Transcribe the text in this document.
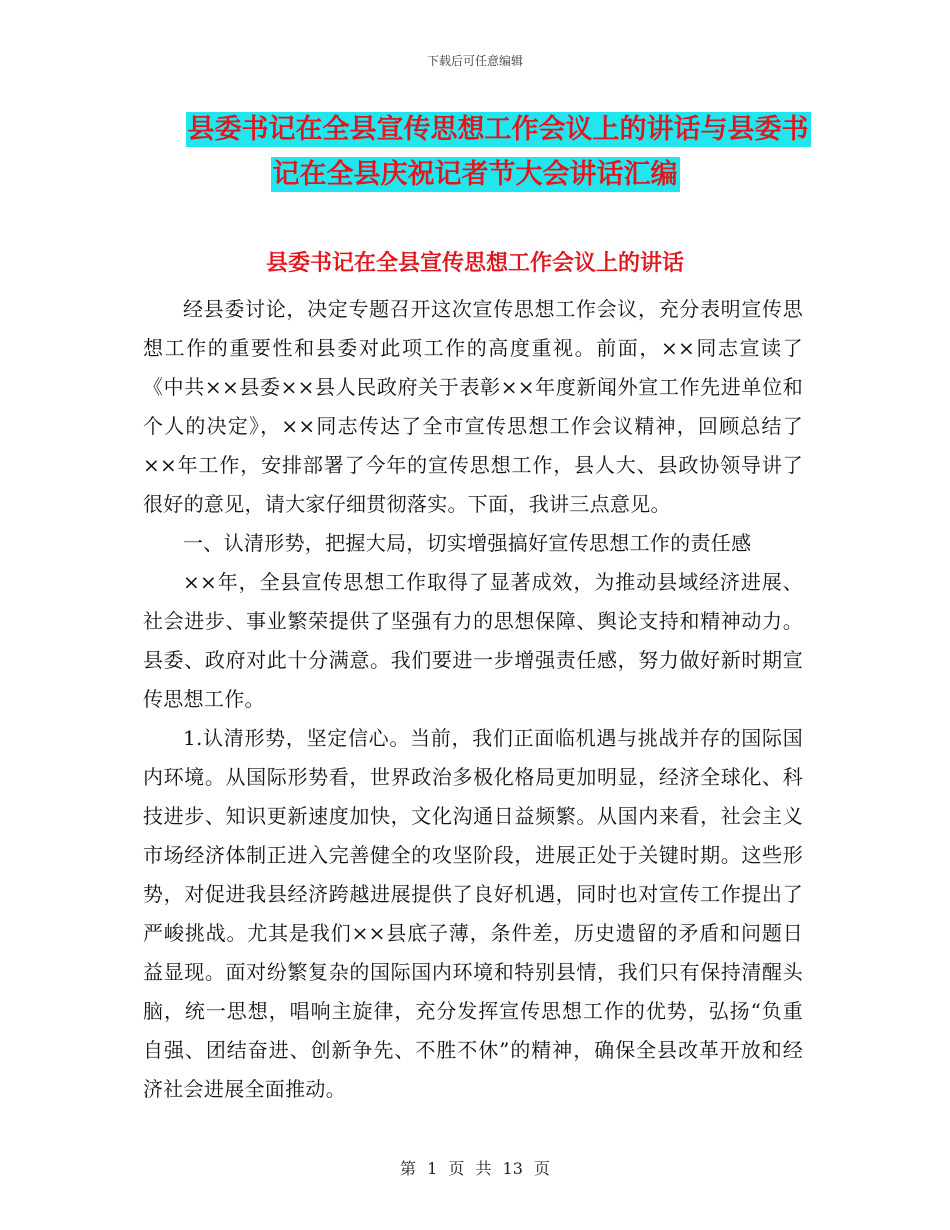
下载后可任意编辑
县委书记在全县宣传思想工作会议上的讲话与县委书
记在全县庆祝记者节大会讲话汇编
县委书记在全县宣传思想工作会议上的讲话

经县委讨论，决定专题召开这次宣传思想工作会议，充分表明宣传思想工作的重要性和县委对此项工作的高度重视。前面，××同志宣读了《中共××县委××县人民政府关于表彰××年度新闻外宣工作先进单位和个人的决定》，××同志传达了全市宣传思想工作会议精神，回顾总结了××年工作，安排部署了今年的宣传思想工作，县人大、县政协领导讲了很好的意见，请大家仔细贯彻落实。下面，我讲三点意见。

一、认清形势，把握大局，切实增强搞好宣传思想工作的责任感

××年，全县宣传思想工作取得了显著成效，为推动县域经济进展、社会进步、事业繁荣提供了坚强有力的思想保障、舆论支持和精神动力。县委、政府对此十分满意。我们要进一步增强责任感，努力做好新时期宣传思想工作。

1.认清形势，坚定信心。当前，我们正面临机遇与挑战并存的国际国内环境。从国际形势看，世界政治多极化格局更加明显，经济全球化、科技进步、知识更新速度加快，文化沟通日益频繁。从国内来看，社会主义市场经济体制正进入完善健全的攻坚阶段，进展正处于关键时期。这些形势，对促进我县经济跨越进展提供了良好机遇，同时也对宣传工作提出了严峻挑战。尤其是我们××县底子薄，条件差，历史遗留的矛盾和问题日益显现。面对纷繁复杂的国际国内环境和特别县情，我们只有保持清醒头脑，统一思想，唱响主旋律，充分发挥宣传思想工作的优势，弘扬“负重自强、团结奋进、创新争先、不胜不休”的精神，确保全县改革开放和经济社会进展全面推动。

第 1 页 共 13 页
